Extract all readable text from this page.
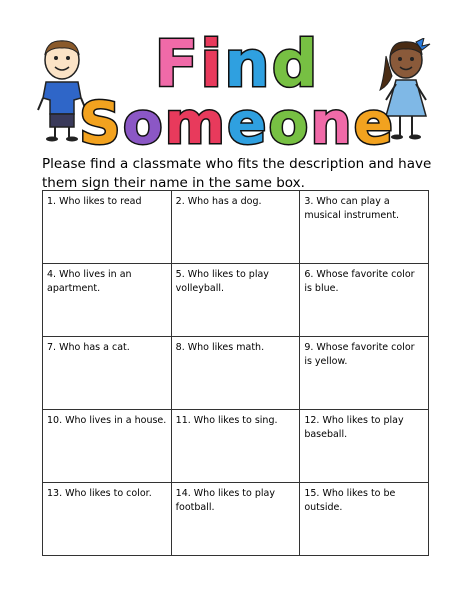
Find
Someone
Please find a classmate who fits the description and have them sign their name in the same box.
1. Who likes to read	2. Who has a dog.	3. Who can play a musical instrument.
4. Who lives in an apartment.	5. Who likes to play volleyball.	6. Whose favorite color is blue.
7. Who has a cat.	8. Who likes math.	9. Whose favorite color is yellow.
10. Who lives in a house.	11. Who likes to sing.	12. Who likes to play baseball.
13. Who likes to color.	14. Who likes to play football.	15. Who likes to be outside.
